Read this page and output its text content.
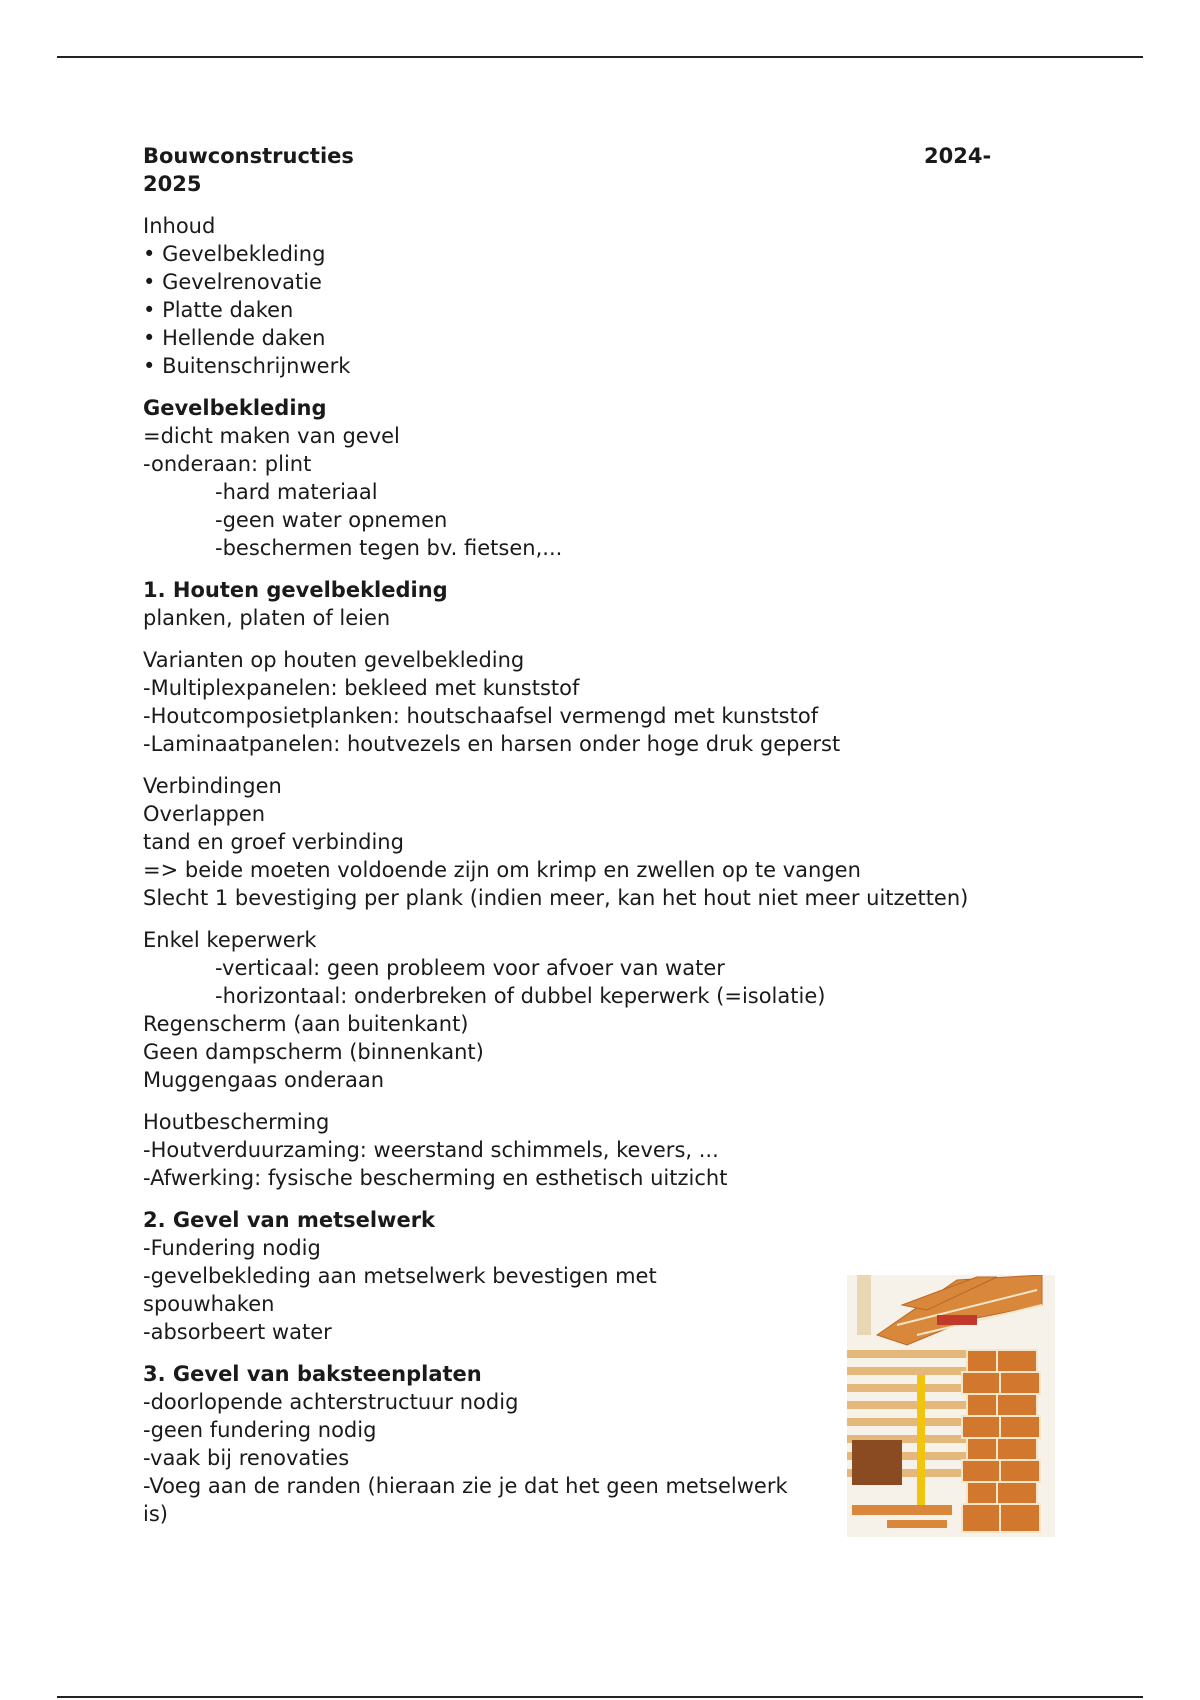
Bouwconstructies	2024-

2025

Inhoud

• Gevelbekleding

• Gevelrenovatie

• Platte daken

• Hellende daken

• Buitenschrijnwerk

Gevelbekleding

=dicht maken van gevel

-onderaan: plint

-hard materiaal

-geen water opnemen

-beschermen tegen bv. fietsen,...

1. Houten gevelbekleding

planken, platen of leien

Varianten op houten gevelbekleding

-Multiplexpanelen: bekleed met kunststof

-Houtcomposietplanken: houtschaafsel vermengd met kunststof

-Laminaatpanelen: houtvezels en harsen onder hoge druk geperst

Verbindingen

Overlappen

tand en groef verbinding

=> beide moeten voldoende zijn om krimp en zwellen op te vangen

Slecht 1 bevestiging per plank (indien meer, kan het hout niet meer uitzetten)

Enkel keperwerk

-verticaal: geen probleem voor afvoer van water

-horizontaal: onderbreken of dubbel keperwerk (=isolatie)

Regenscherm (aan buitenkant)

Geen dampscherm (binnenkant)

Muggengaas onderaan

Houtbescherming

-Houtverduurzaming: weerstand schimmels, kevers, ...

-Afwerking: fysische bescherming en esthetisch uitzicht

2. Gevel van metselwerk

-Fundering nodig

-gevelbekleding aan metselwerk bevestigen met

spouwhaken

-absorbeert water

3. Gevel van baksteenplaten

-doorlopende achterstructuur nodig

-geen fundering nodig

-vaak bij renovaties

-Voeg aan de randen (hieraan zie je dat het geen metselwerk

is)
